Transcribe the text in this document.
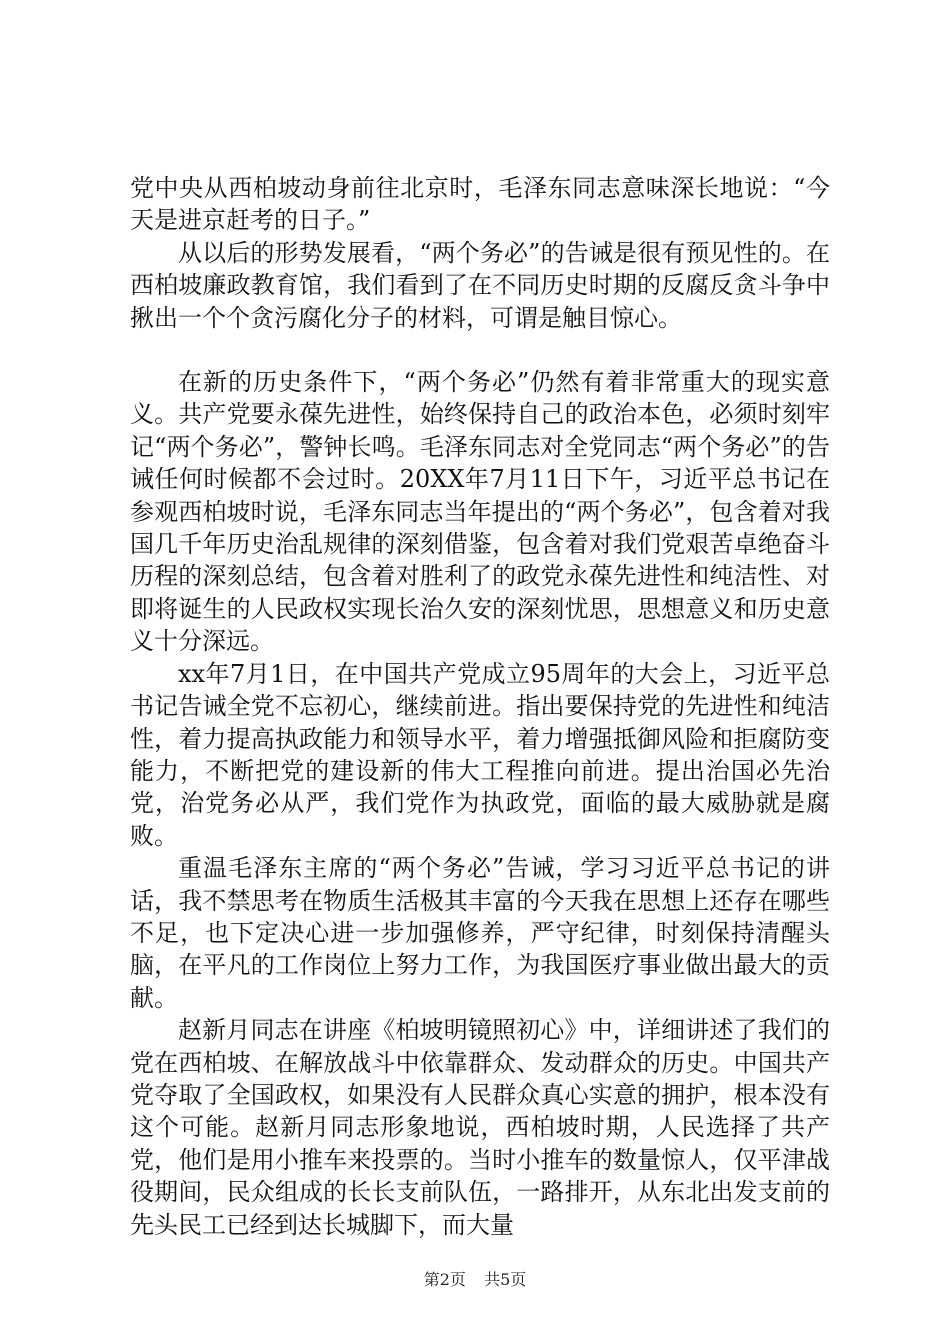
党中央从西柏坡动身前往北京时，毛泽东同志意味深长地说：“今天是进京赶考的日子。”

从以后的形势发展看，“两个务必”的告诫是很有预见性的。在西柏坡廉政教育馆，我们看到了在不同历史时期的反腐反贪斗争中揪出一个个贪污腐化分子的材料，可谓是触目惊心。

在新的历史条件下，“两个务必”仍然有着非常重大的现实意义。共产党要永葆先进性，始终保持自己的政治本色，必须时刻牢记“两个务必”，警钟长鸣。毛泽东同志对全党同志“两个务必”的告诫任何时候都不会过时。20XX年7月11日下午，习近平总书记在参观西柏坡时说，毛泽东同志当年提出的“两个务必”，包含着对我国几千年历史治乱规律的深刻借鉴，包含着对我们党艰苦卓绝奋斗历程的深刻总结，包含着对胜利了的政党永葆先进性和纯洁性、对即将诞生的人民政权实现长治久安的深刻忧思，思想意义和历史意义十分深远。

xx年7月1日，在中国共产党成立95周年的大会上，习近平总书记告诫全党不忘初心，继续前进。指出要保持党的先进性和纯洁性，着力提高执政能力和领导水平，着力增强抵御风险和拒腐防变能力，不断把党的建设新的伟大工程推向前进。提出治国必先治党，治党务必从严，我们党作为执政党，面临的最大威胁就是腐败。

重温毛泽东主席的“两个务必”告诫，学习习近平总书记的讲话，我不禁思考在物质生活极其丰富的今天我在思想上还存在哪些不足，也下定决心进一步加强修养，严守纪律，时刻保持清醒头脑，在平凡的工作岗位上努力工作，为我国医疗事业做出最大的贡献。

赵新月同志在讲座《柏坡明镜照初心》中，详细讲述了我们的党在西柏坡、在解放战斗中依靠群众、发动群众的历史。中国共产党夺取了全国政权，如果没有人民群众真心实意的拥护，根本没有这个可能。赵新月同志形象地说，西柏坡时期，人民选择了共产党，他们是用小推车来投票的。当时小推车的数量惊人，仅平津战役期间，民众组成的长长支前队伍，一路排开，从东北出发支前的先头民工已经到达长城脚下，而大量

第2页 共5页
